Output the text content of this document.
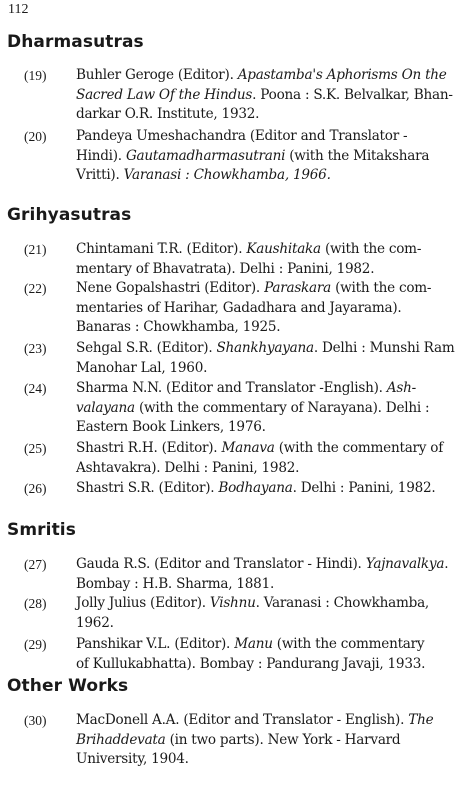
112
Dharmasutras
(19) Buhler Geroge (Editor). Apastamba's Aphorisms On the
Sacred Law Of the Hindus. Poona : S.K. Belvalkar, Bhan-
darkar O.R. Institute, 1932.
(20) Pandeya Umeshachandra (Editor and Translator -
Hindi). Gautamadharmasutrani (with the Mitakshara
Vritti). Varanasi : Chowkhamba, 1966.
Grihyasutras
(21) Chintamani T.R. (Editor). Kaushitaka (with the com-
mentary of Bhavatrata). Delhi : Panini, 1982.
(22) Nene Gopalshastri (Editor). Paraskara (with the com-
mentaries of Harihar, Gadadhara and Jayarama).
Banaras : Chowkhamba, 1925.
(23) Sehgal S.R. (Editor). Shankhyayana. Delhi : Munshi Ram
Manohar Lal, 1960.
(24) Sharma N.N. (Editor and Translator -English). Ash-
valayana (with the commentary of Narayana). Delhi :
Eastern Book Linkers, 1976.
(25) Shastri R.H. (Editor). Manava (with the commentary of
Ashtavakra). Delhi : Panini, 1982.
(26) Shastri S.R. (Editor). Bodhayana. Delhi : Panini, 1982.
Smritis
(27) Gauda R.S. (Editor and Translator - Hindi). Yajnavalkya.
Bombay : H.B. Sharma, 1881.
(28) Jolly Julius (Editor). Vishnu. Varanasi : Chowkhamba,
1962.
(29) Panshikar V.L. (Editor). Manu (with the commentary
of Kullukabhatta). Bombay : Pandurang Javaji, 1933.
Other Works
(30) MacDonell A.A. (Editor and Translator - English). The
Brihaddevata (in two parts). New York - Harvard
University, 1904.
